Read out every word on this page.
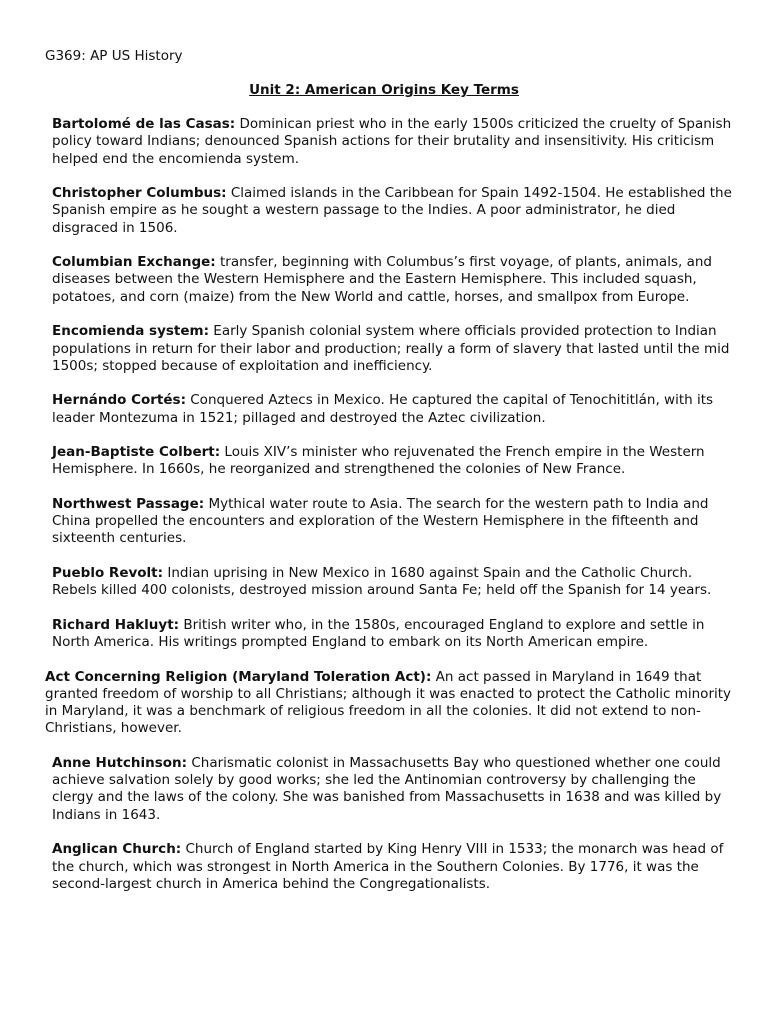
G369: AP US History

Unit 2: American Origins Key Terms

Bartolomé de las Casas: Dominican priest who in the early 1500s criticized the cruelty of Spanish policy toward Indians; denounced Spanish actions for their brutality and insensitivity. His criticism helped end the encomienda system.

Christopher Columbus: Claimed islands in the Caribbean for Spain 1492-1504. He established the Spanish empire as he sought a western passage to the Indies. A poor administrator, he died disgraced in 1506.

Columbian Exchange: transfer, beginning with Columbus’s first voyage, of plants, animals, and diseases between the Western Hemisphere and the Eastern Hemisphere. This included squash, potatoes, and corn (maize) from the New World and cattle, horses, and smallpox from Europe.

Encomienda system: Early Spanish colonial system where officials provided protection to Indian populations in return for their labor and production; really a form of slavery that lasted until the mid 1500s; stopped because of exploitation and inefficiency.

Hernándo Cortés: Conquered Aztecs in Mexico. He captured the capital of Tenochititlán, with its leader Montezuma in 1521; pillaged and destroyed the Aztec civilization.

Jean-Baptiste Colbert: Louis XIV’s minister who rejuvenated the French empire in the Western Hemisphere. In 1660s, he reorganized and strengthened the colonies of New France.

Northwest Passage: Mythical water route to Asia. The search for the western path to India and China propelled the encounters and exploration of the Western Hemisphere in the fifteenth and sixteenth centuries.

Pueblo Revolt: Indian uprising in New Mexico in 1680 against Spain and the Catholic Church. Rebels killed 400 colonists, destroyed mission around Santa Fe; held off the Spanish for 14 years.

Richard Hakluyt: British writer who, in the 1580s, encouraged England to explore and settle in North America. His writings prompted England to embark on its North American empire.

Act Concerning Religion (Maryland Toleration Act): An act passed in Maryland in 1649 that granted freedom of worship to all Christians; although it was enacted to protect the Catholic minority in Maryland, it was a benchmark of religious freedom in all the colonies. It did not extend to non-Christians, however.

Anne Hutchinson: Charismatic colonist in Massachusetts Bay who questioned whether one could achieve salvation solely by good works; she led the Antinomian controversy by challenging the clergy and the laws of the colony. She was banished from Massachusetts in 1638 and was killed by Indians in 1643.

Anglican Church: Church of England started by King Henry VIII in 1533; the monarch was head of the church, which was strongest in North America in the Southern Colonies. By 1776, it was the second-largest church in America behind the Congregationalists.
